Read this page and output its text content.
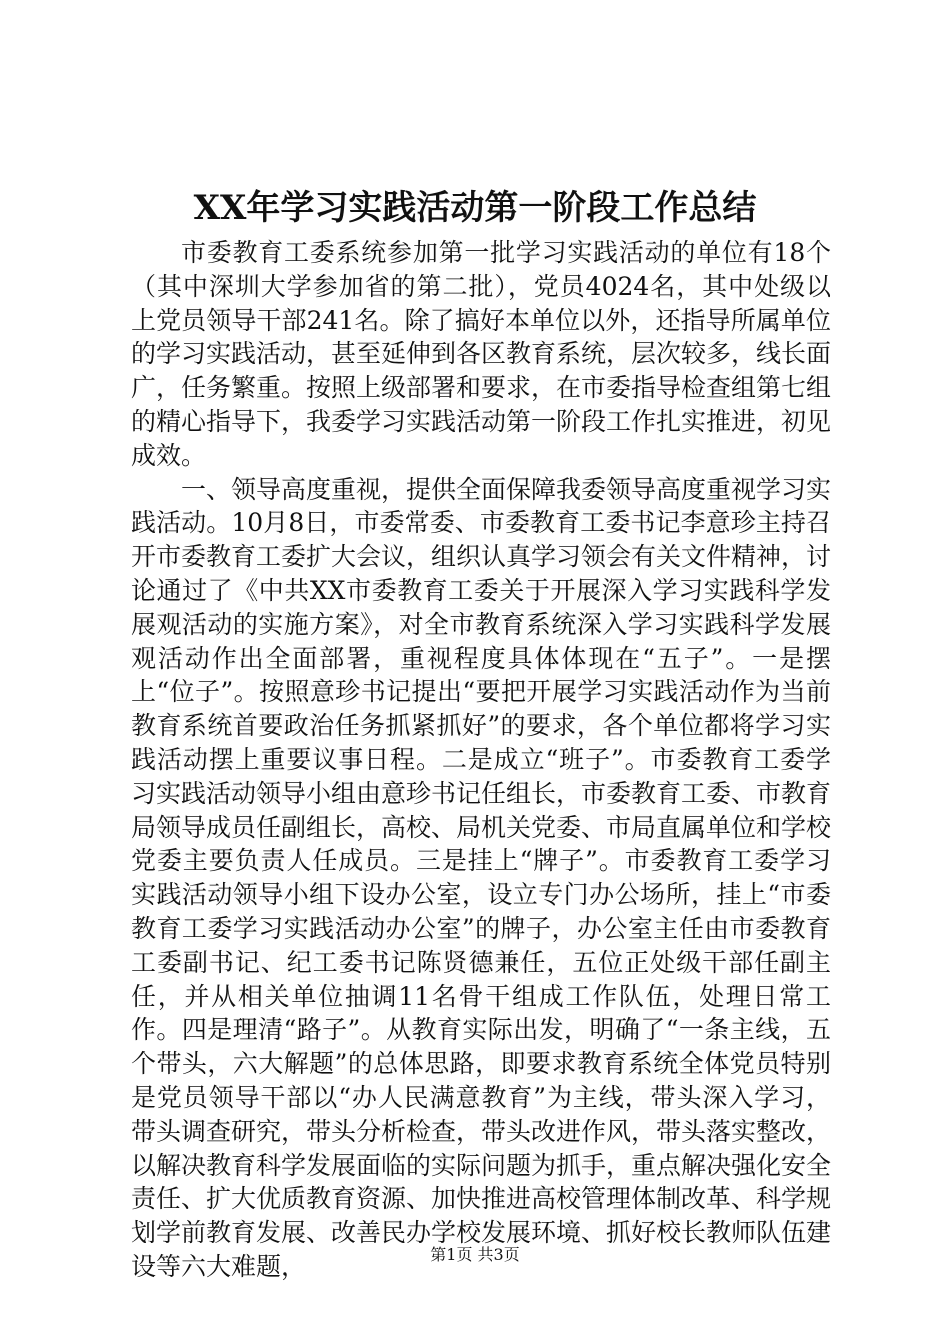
XX年学习实践活动第一阶段工作总结

市委教育工委系统参加第一批学习实践活动的单位有18个（其中深圳大学参加省的第二批），党员4024名，其中处级以上党员领导干部241名。除了搞好本单位以外，还指导所属单位的学习实践活动，甚至延伸到各区教育系统，层次较多，线长面广，任务繁重。按照上级部署和要求，在市委指导检查组第七组的精心指导下，我委学习实践活动第一阶段工作扎实推进，初见成效。

一、领导高度重视，提供全面保障我委领导高度重视学习实践活动。10月8日，市委常委、市委教育工委书记李意珍主持召开市委教育工委扩大会议，组织认真学习领会有关文件精神，讨论通过了《中共XX市委教育工委关于开展深入学习实践科学发展观活动的实施方案》，对全市教育系统深入学习实践科学发展观活动作出全面部署，重视程度具体体现在“五子”。一是摆上“位子”。按照意珍书记提出“要把开展学习实践活动作为当前教育系统首要政治任务抓紧抓好”的要求，各个单位都将学习实践活动摆上重要议事日程。二是成立“班子”。市委教育工委学习实践活动领导小组由意珍书记任组长，市委教育工委、市教育局领导成员任副组长，高校、局机关党委、市局直属单位和学校党委主要负责人任成员。三是挂上“牌子”。市委教育工委学习实践活动领导小组下设办公室，设立专门办公场所，挂上“市委教育工委学习实践活动办公室”的牌子，办公室主任由市委教育工委副书记、纪工委书记陈贤德兼任，五位正处级干部任副主任，并从相关单位抽调11名骨干组成工作队伍，处理日常工作。四是理清“路子”。从教育实际出发，明确了“一条主线，五个带头，六大解题”的总体思路，即要求教育系统全体党员特别是党员领导干部以“办人民满意教育”为主线，带头深入学习，带头调查研究，带头分析检查，带头改进作风，带头落实整改，以解决教育科学发展面临的实际问题为抓手，重点解决强化安全责任、扩大优质教育资源、加快推进高校管理体制改革、科学规划学前教育发展、改善民办学校发展环境、抓好校长教师队伍建设等六大难题，	第1页 共3页
